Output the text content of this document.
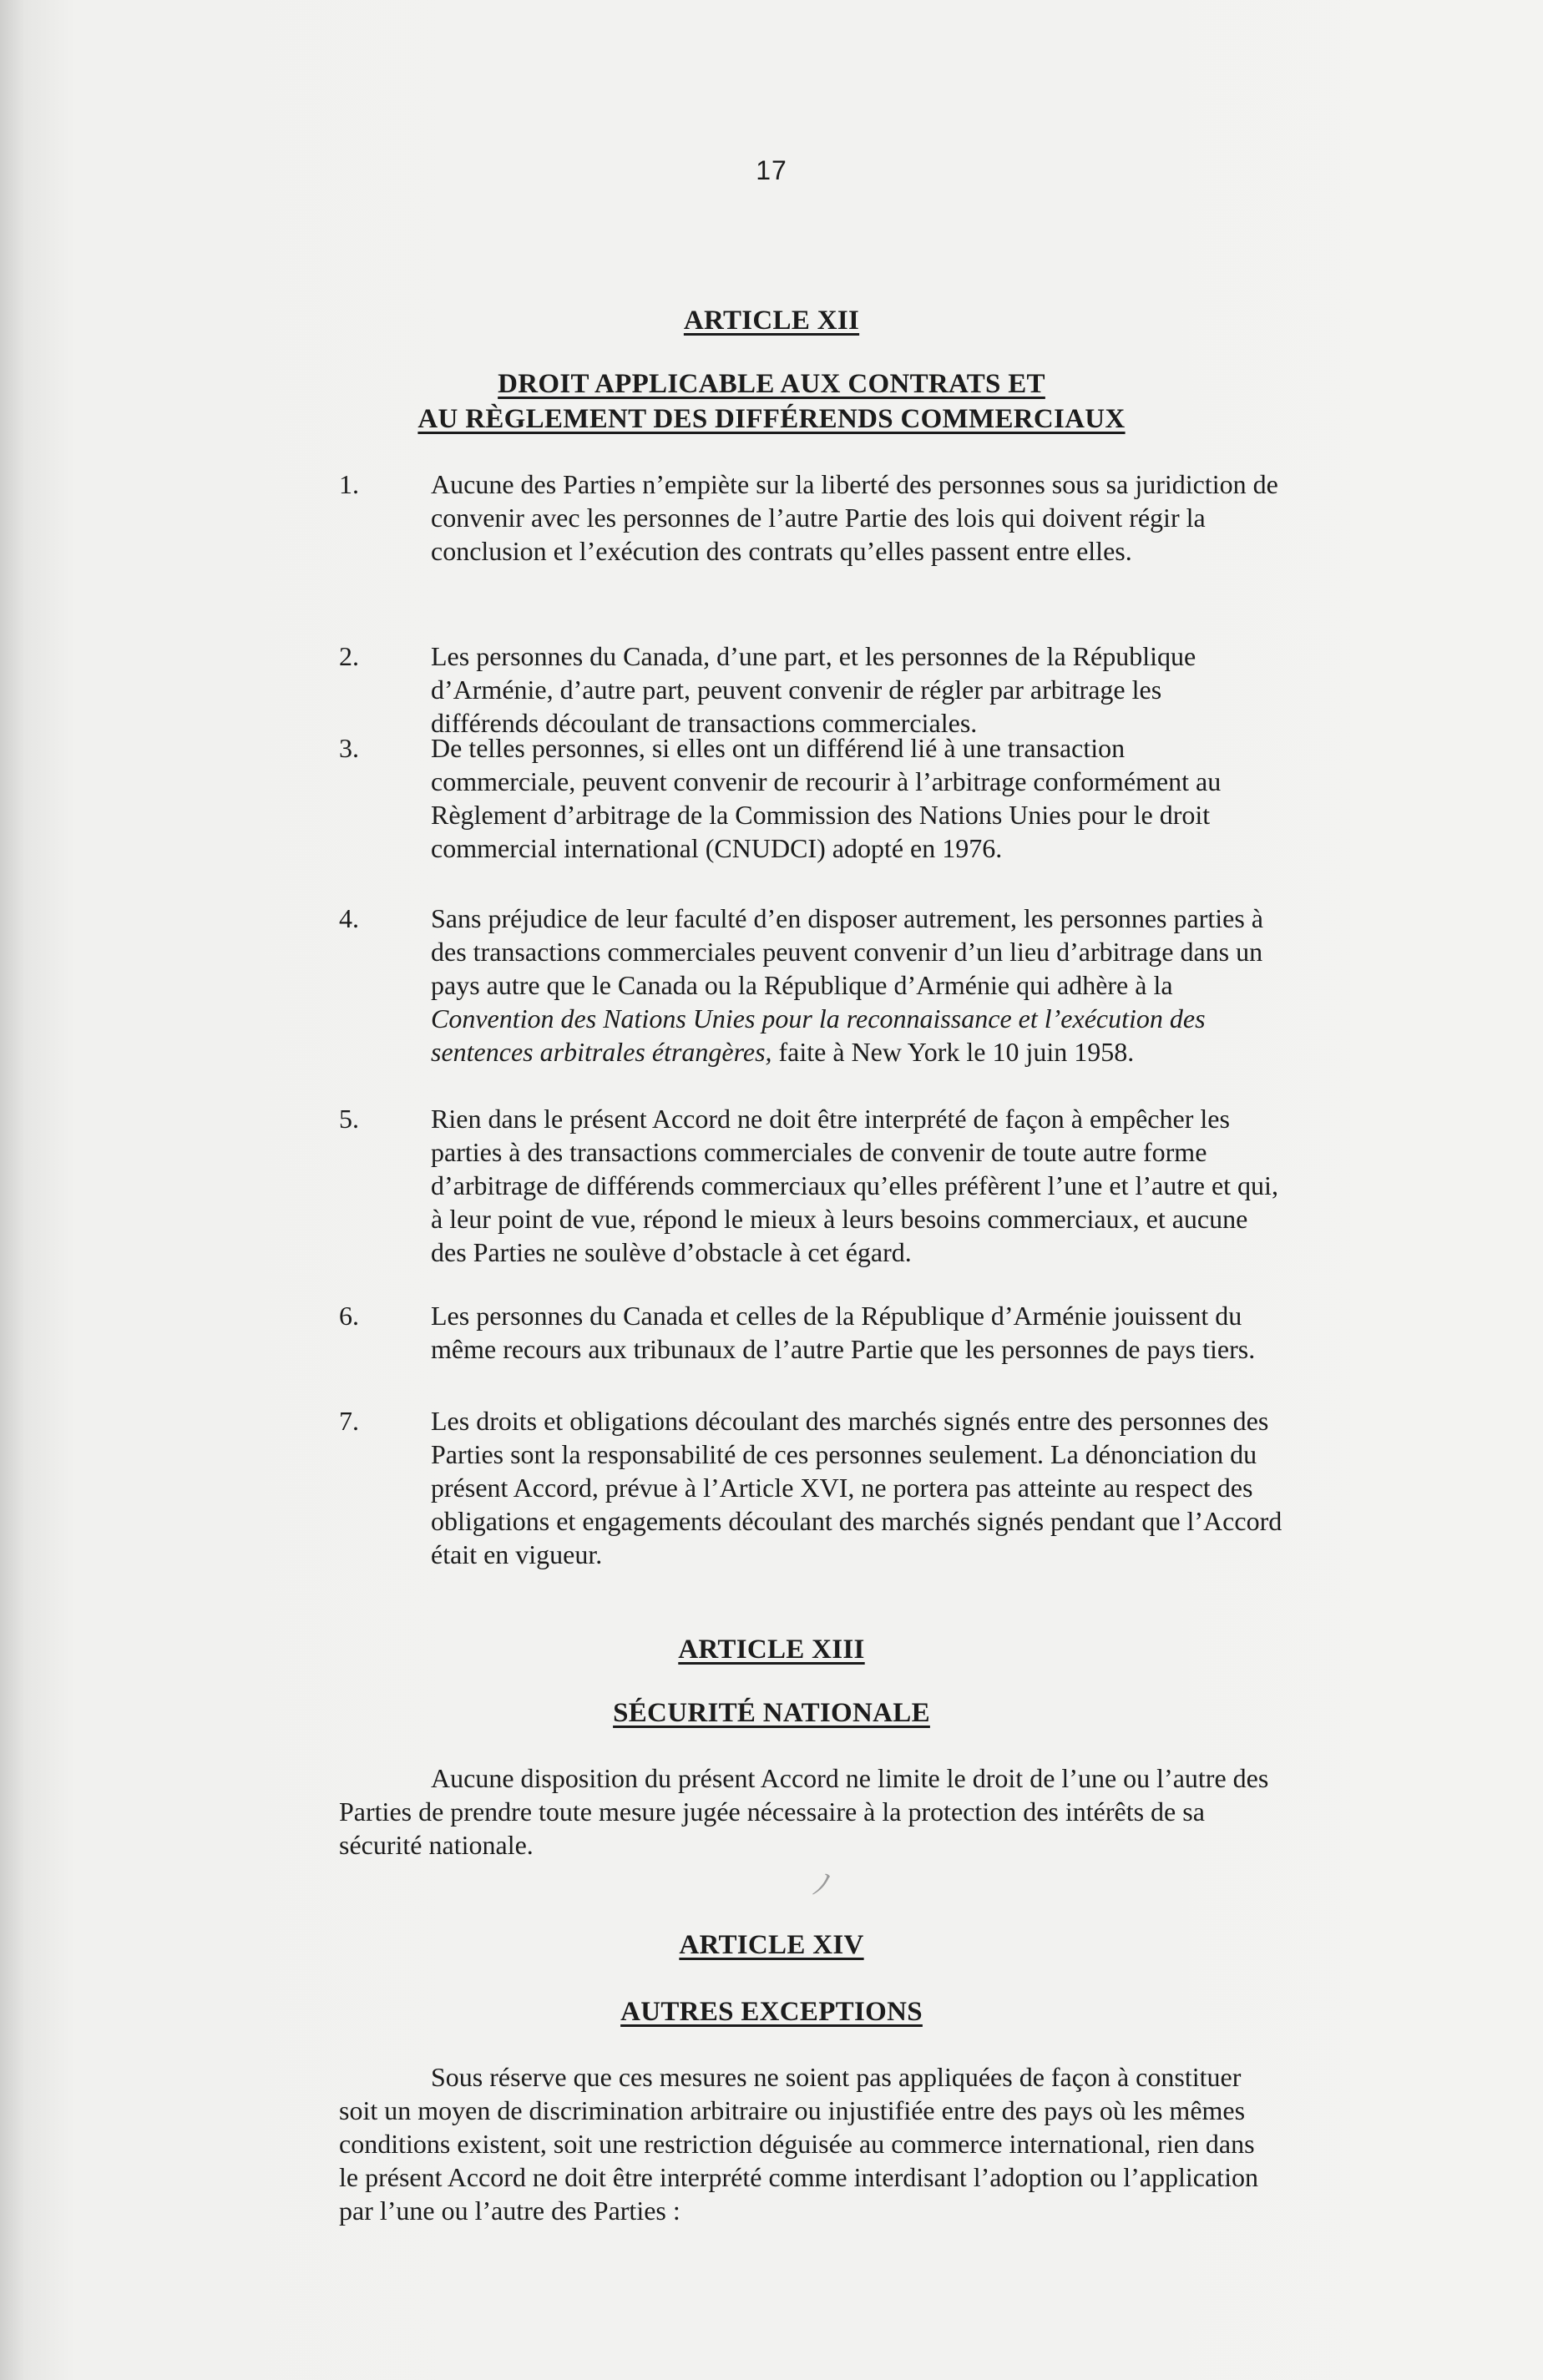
17
ARTICLE XII
DROIT APPLICABLE AUX CONTRATS ET
AU RÈGLEMENT DES DIFFÉRENDS COMMERCIAUX
1.	Aucune des Parties n’empiète sur la liberté des personnes sous sa juridiction de
convenir avec les personnes de l’autre Partie des lois qui doivent régir la
conclusion et l’exécution des contrats qu’elles passent entre elles.
2.	Les personnes du Canada, d’une part, et les personnes de la République
d’Arménie, d’autre part, peuvent convenir de régler par arbitrage les
différends découlant de transactions commerciales.
3.	De telles personnes, si elles ont un différend lié à une transaction
commerciale, peuvent convenir de recourir à l’arbitrage conformément au
Règlement d’arbitrage de la Commission des Nations Unies pour le droit
commercial international (CNUDCI) adopté en 1976.
4.	Sans préjudice de leur faculté d’en disposer autrement, les personnes parties à
des transactions commerciales peuvent convenir d’un lieu d’arbitrage dans un
pays autre que le Canada ou la République d’Arménie qui adhère à la
Convention des Nations Unies pour la reconnaissance et l’exécution des
sentences arbitrales étrangères, faite à New York le 10 juin 1958.
5.	Rien dans le présent Accord ne doit être interprété de façon à empêcher les
parties à des transactions commerciales de convenir de toute autre forme
d’arbitrage de différends commerciaux qu’elles préfèrent l’une et l’autre et qui,
à leur point de vue, répond le mieux à leurs besoins commerciaux, et aucune
des Parties ne soulève d’obstacle à cet égard.
6.	Les personnes du Canada et celles de la République d’Arménie jouissent du
même recours aux tribunaux de l’autre Partie que les personnes de pays tiers.
7.	Les droits et obligations découlant des marchés signés entre des personnes des
Parties sont la responsabilité de ces personnes seulement. La dénonciation du
présent Accord, prévue à l’Article XVI, ne portera pas atteinte au respect des
obligations et engagements découlant des marchés signés pendant que l’Accord
était en vigueur.
ARTICLE XIII
SÉCURITÉ NATIONALE
Aucune disposition du présent Accord ne limite le droit de l’une ou l’autre des
Parties de prendre toute mesure jugée nécessaire à la protection des intérêts de sa
sécurité nationale.
ノ
ARTICLE XIV
AUTRES EXCEPTIONS
Sous réserve que ces mesures ne soient pas appliquées de façon à constituer
soit un moyen de discrimination arbitraire ou injustifiée entre des pays où les mêmes
conditions existent, soit une restriction déguisée au commerce international, rien dans
le présent Accord ne doit être interprété comme interdisant l’adoption ou l’application
par l’une ou l’autre des Parties :
